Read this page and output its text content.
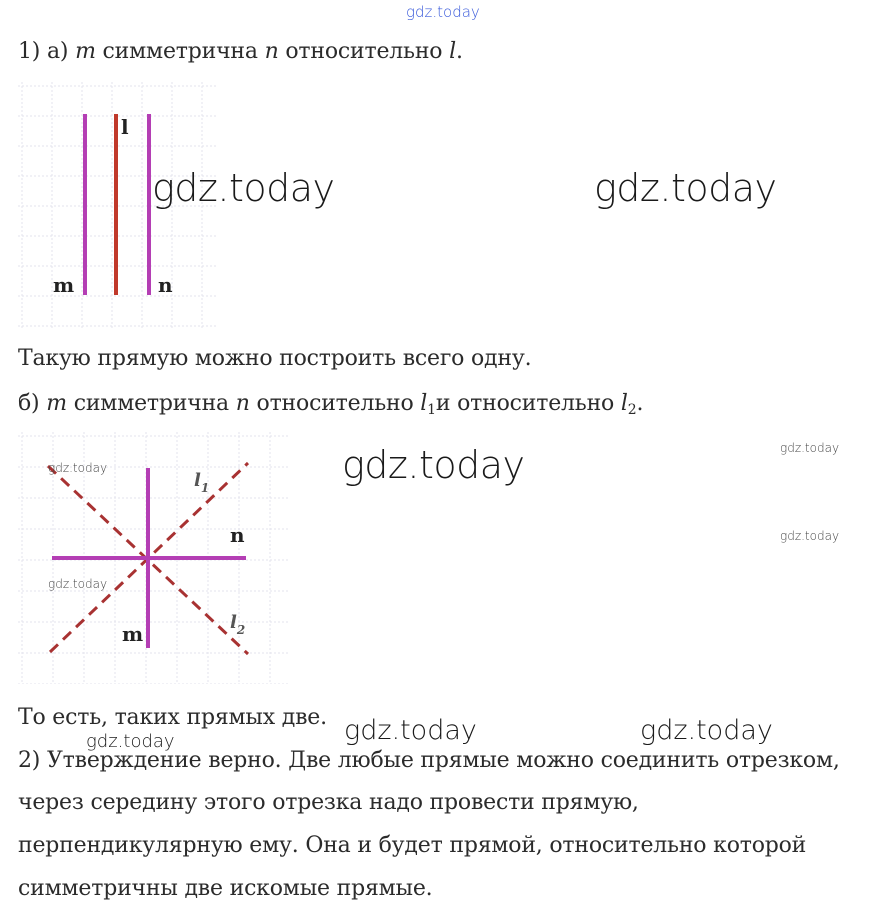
gdz.today
1) а) m симметрична n относительно l.
l
m	n
gdz.today	gdz.today
Такую прямую можно построить всего одну.
б) m симметрична n относительно $l_1и$ относительно $l_2$.
$l_1$
n
$l_2$
m
gdz.today
gdz.today
gdz.today	gdz.today
gdz.today
То есть, таких прямых две.
gdz.today	gdz.today	gdz.today
2) Утверждение верно. Две любые прямые можно соединить отрезком,
через середину этого отрезка надо провести прямую,
перпендикулярную ему. Она и будет прямой, относительно которой
симметричны две искомые прямые.
